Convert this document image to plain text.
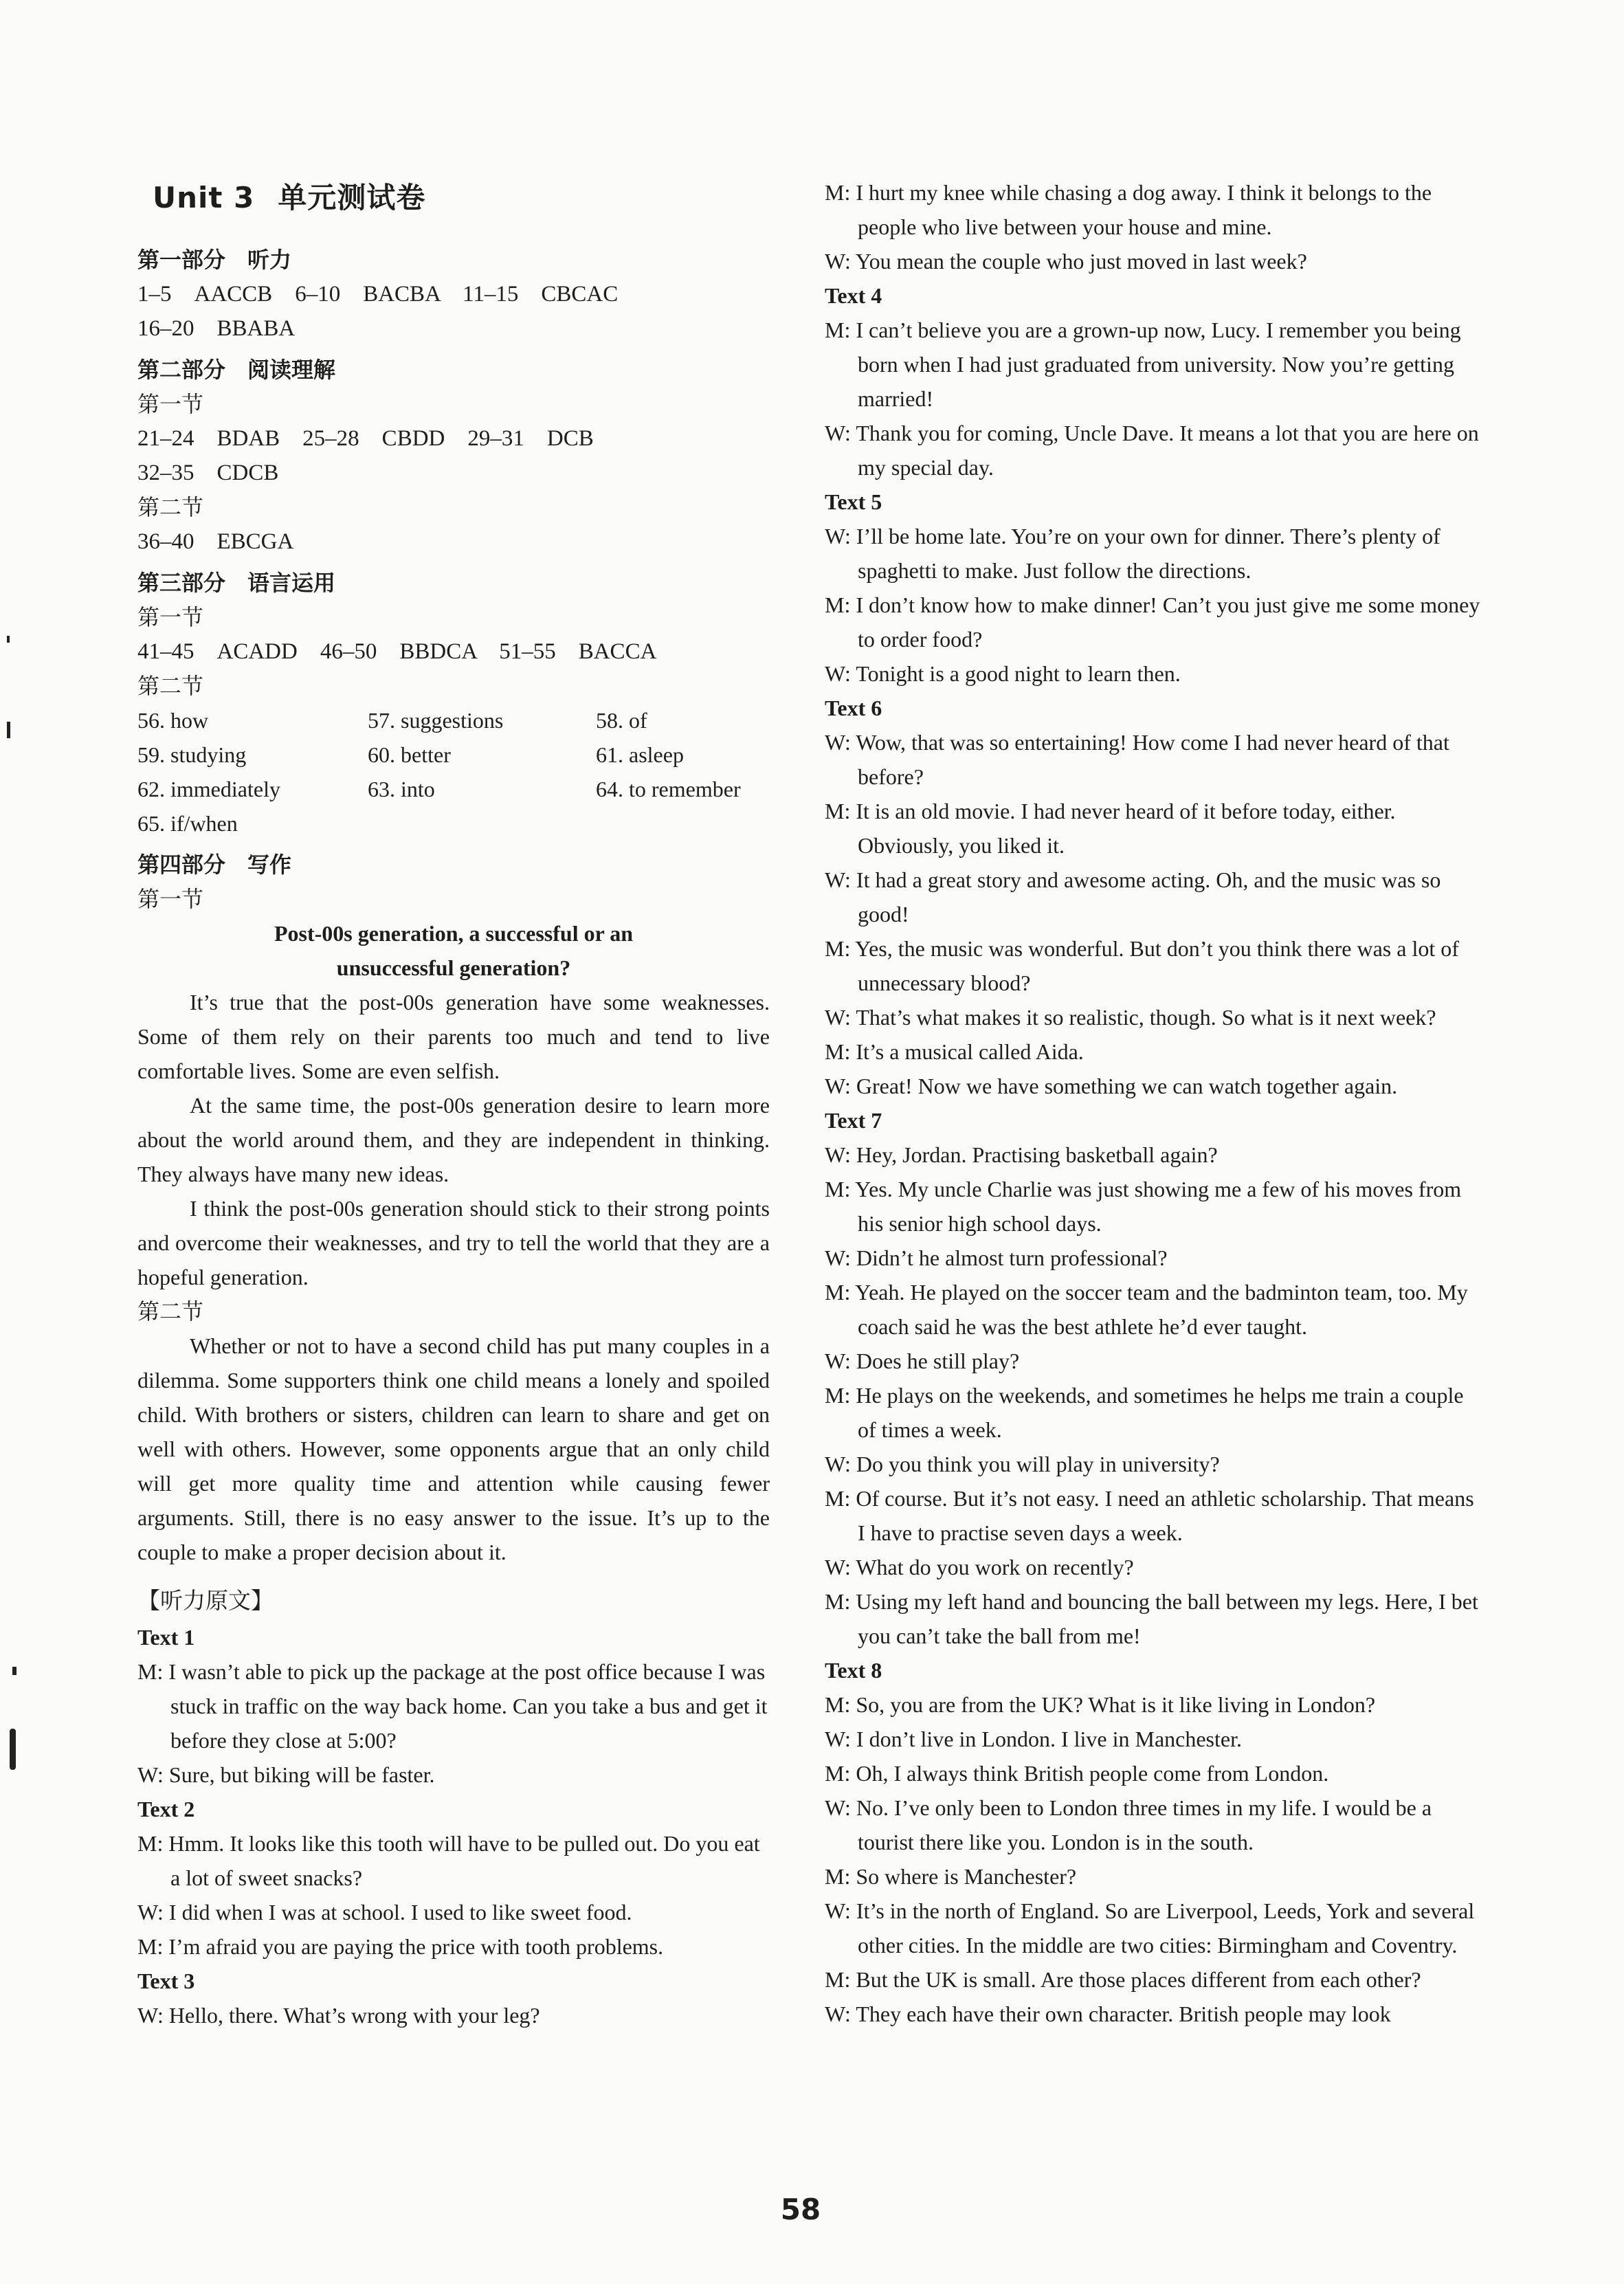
Unit 3 单元测试卷
第一部分　听力
1–5　AACCB　6–10　BACBA　11–15　CBCAC
16–20　BBABA
第二部分　阅读理解
第一节
21–24　BDAB　25–28　CBDD　29–31　DCB
32–35　CDCB
第二节
36–40　EBCGA
第三部分　语言运用
第一节
41–45　ACADD　46–50　BBDCA　51–55　BACCA
第二节
56. how	57. suggestions	58. of
59. studying	60. better	61. asleep
62. immediately	63. into	64. to remember
65. if/when
第四部分　写作
第一节
Post-00s generation, a successful or an
unsuccessful generation?
It’s true that the post-00s generation have some weaknesses. Some of them rely on their parents too much and tend to live comfortable lives. Some are even selfish.
At the same time, the post-00s generation desire to learn more about the world around them, and they are independent in thinking. They always have many new ideas.
I think the post-00s generation should stick to their strong points and overcome their weaknesses, and try to tell the world that they are a hopeful generation.
第二节
Whether or not to have a second child has put many couples in a dilemma. Some supporters think one child means a lonely and spoiled child. With brothers or sisters, children can learn to share and get on well with others. However, some opponents argue that an only child will get more quality time and attention while causing fewer arguments. Still, there is no easy answer to the issue. It’s up to the couple to make a proper decision about it.
【听力原文】
Text 1
M: I wasn’t able to pick up the package at the post office because I was stuck in traffic on the way back home. Can you take a bus and get it before they close at 5:00?
W: Sure, but biking will be faster.
Text 2
M: Hmm. It looks like this tooth will have to be pulled out. Do you eat a lot of sweet snacks?
W: I did when I was at school. I used to like sweet food.
M: I’m afraid you are paying the price with tooth problems.
Text 3
W: Hello, there. What’s wrong with your leg?
M: I hurt my knee while chasing a dog away. I think it belongs to the people who live between your house and mine.
W: You mean the couple who just moved in last week?
Text 4
M: I can’t believe you are a grown-up now, Lucy. I remember you being born when I had just graduated from university. Now you’re getting married!
W: Thank you for coming, Uncle Dave. It means a lot that you are here on my special day.
Text 5
W: I’ll be home late. You’re on your own for dinner. There’s plenty of spaghetti to make. Just follow the directions.
M: I don’t know how to make dinner! Can’t you just give me some money to order food?
W: Tonight is a good night to learn then.
Text 6
W: Wow, that was so entertaining! How come I had never heard of that before?
M: It is an old movie. I had never heard of it before today, either. Obviously, you liked it.
W: It had a great story and awesome acting. Oh, and the music was so good!
M: Yes, the music was wonderful. But don’t you think there was a lot of unnecessary blood?
W: That’s what makes it so realistic, though. So what is it next week?
M: It’s a musical called Aida.
W: Great! Now we have something we can watch together again.
Text 7
W: Hey, Jordan. Practising basketball again?
M: Yes. My uncle Charlie was just showing me a few of his moves from his senior high school days.
W: Didn’t he almost turn professional?
M: Yeah. He played on the soccer team and the badminton team, too. My coach said he was the best athlete he’d ever taught.
W: Does he still play?
M: He plays on the weekends, and sometimes he helps me train a couple of times a week.
W: Do you think you will play in university?
M: Of course. But it’s not easy. I need an athletic scholarship. That means I have to practise seven days a week.
W: What do you work on recently?
M: Using my left hand and bouncing the ball between my legs. Here, I bet you can’t take the ball from me!
Text 8
M: So, you are from the UK? What is it like living in London?
W: I don’t live in London. I live in Manchester.
M: Oh, I always think British people come from London.
W: No. I’ve only been to London three times in my life. I would be a tourist there like you. London is in the south.
M: So where is Manchester?
W: It’s in the north of England. So are Liverpool, Leeds, York and several other cities. In the middle are two cities: Birmingham and Coventry.
M: But the UK is small. Are those places different from each other?
W: They each have their own character. British people may look
58
